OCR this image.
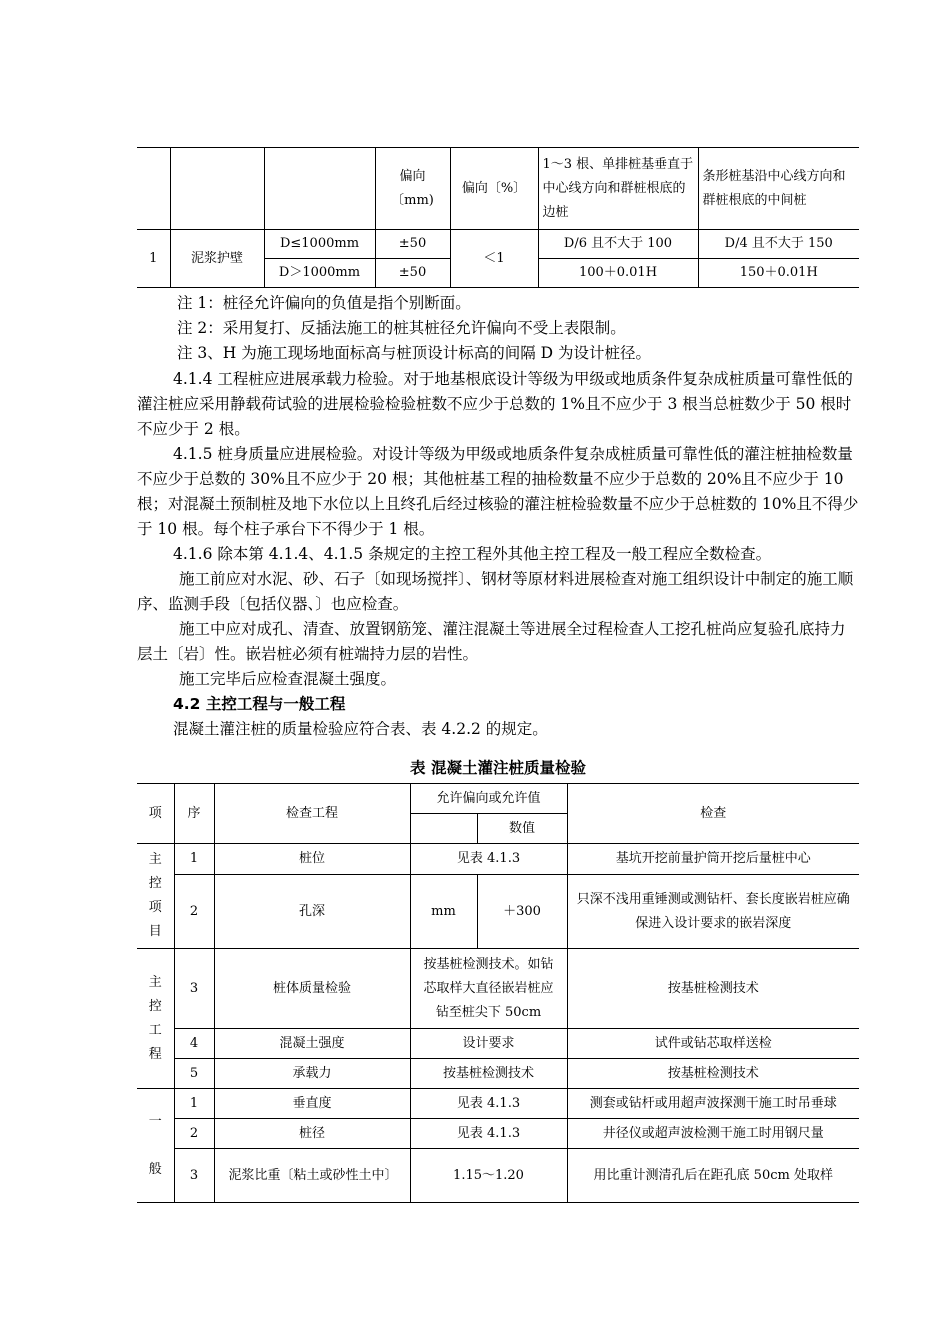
			偏向〔mm)	偏向〔%〕	1～3 根、单排桩基垂直于中心线方向和群桩根底的边桩	条形桩基沿中心线方向和群桩根底的中间桩
1	泥浆护壁	D≤1000mm	±50	＜1	D/6 且不大于 100	D/4 且不大于 150
		D＞1000mm	±50		100＋0.01H	150＋0.01H

注 1：桩径允许偏向的负值是指个别断面。

注 2：采用复打、反插法施工的桩其桩径允许偏向不受上表限制。

注 3、H 为施工现场地面标高与桩顶设计标高的间隔 D 为设计桩径。

4.1.4 工程桩应进展承载力检验。对于地基根底设计等级为甲级或地质条件复杂成桩质量可靠性低的灌注桩应采用静载荷试验的进展检验检验桩数不应少于总数的 1%且不应少于 3 根当总桩数少于 50 根时不应少于 2 根。

4.1.5 桩身质量应进展检验。对设计等级为甲级或地质条件复杂成桩质量可靠性低的灌注桩抽检数量不应少于总数的 30%且不应少于 20 根；其他桩基工程的抽检数量不应少于总数的 20%且不应少于 10 根；对混凝土预制桩及地下水位以上且终孔后经过核验的灌注桩检验数量不应少于总桩数的 10%且不得少于 10 根。每个柱子承台下不得少于 1 根。

4.1.6 除本第 4.1.4、4.1.5 条规定的主控工程外其他主控工程及一般工程应全数检查。

施工前应对水泥、砂、石子〔如现场搅拌〕、钢材等原材料进展检查对施工组织设计中制定的施工顺序、监测手段〔包括仪器、〕也应检查。

施工中应对成孔、清查、放置钢筋笼、灌注混凝土等进展全过程检查人工挖孔桩尚应复验孔底持力层土〔岩〕性。嵌岩桩必须有桩端持力层的岩性。

施工完毕后应检查混凝土强度。

4.2 主控工程与一般工程

混凝土灌注桩的质量检验应符合表、表 4.2.2 的规定。

表 混凝土灌注桩质量检验
项	序	检查工程	允许偏向或允许值		检查
				数值	
主
控
项
目	1	桩位	见表 4.1.3		基坑开挖前量护筒开挖后量桩中心
	2	孔深	mm	＋300	只深不浅用重锤测或测钻杆、套长度嵌岩桩应确保进入设计要求的嵌岩深度
主
控
工
程	3	桩体质量检验	按基桩检测技术。如钻芯取样大直径嵌岩桩应钻至桩尖下 50cm		按基桩检测技术
	4	混凝土强度	设计要求		试件或钻芯取样送检
	5	承载力	按基桩检测技术		按基桩检测技术
一

般	1	垂直度	见表 4.1.3		测套或钻杆或用超声波探测干施工时吊垂球
	2	桩径	见表 4.1.3		井径仪或超声波检测干施工时用钢尺量
	3	泥浆比重〔粘土或砂性土中〕	1.15～1.20		用比重计测清孔后在距孔底 50cm 处取样
